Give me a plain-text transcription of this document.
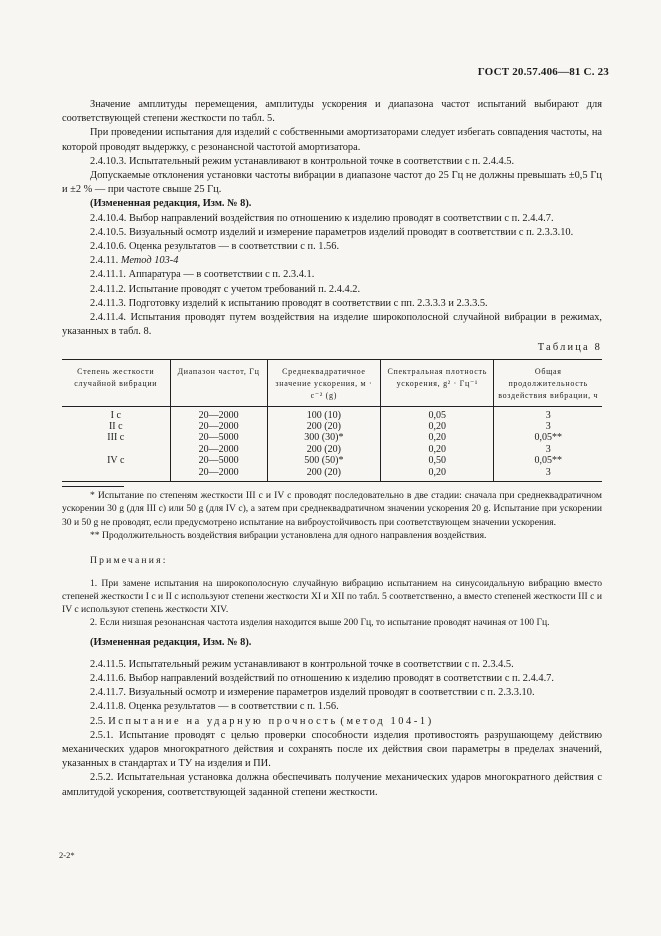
ГОСТ 20.57.406—81 С. 23

Значение амплитуды перемещения, амплитуды ускорения и диапазона частот испытаний выбирают для соответствующей степени жесткости по табл. 5.

При проведении испытания для изделий с собственными амортизаторами следует избегать совпадения частоты, на которой проводят выдержку, с резонансной частотой амортизатора.

2.4.10.3. Испытательный режим устанавливают в контрольной точке в соответствии с п. 2.4.4.5.

Допускаемые отклонения установки частоты вибрации в диапазоне частот до 25 Гц не должны превышать ±0,5 Гц и ±2 % — при частоте свыше 25 Гц.

(Измененная редакция, Изм. № 8).

2.4.10.4. Выбор направлений воздействия по отношению к изделию проводят в соответствии с п. 2.4.4.7.

2.4.10.5. Визуальный осмотр изделий и измерение параметров изделий проводят в соответствии с п. 2.3.3.10.

2.4.10.6. Оценка результатов — в соответствии с п. 1.56.

2.4.11. Метод 103-4

2.4.11.1. Аппаратура — в соответствии с п. 2.3.4.1.

2.4.11.2. Испытание проводят с учетом требований п. 2.4.4.2.

2.4.11.3. Подготовку изделий к испытанию проводят в соответствии с пп. 2.3.3.3 и 2.3.3.5.

2.4.11.4. Испытания проводят путем воздействия на изделие широкополосной случайной вибрации в режимах, указанных в табл. 8.

Таблица 8
Степень жесткости случайной вибрации	Диапазон частот, Гц	Среднеквадратичное значение ускорения, м · с⁻² (g)	Спектральная плотность ускорения, g² · Гц⁻¹	Общая продолжительность воздействия вибрации, ч
I с	20—2000	100 (10)	0,05	3
II с	20—2000	200 (20)	0,20	3
III с	20—5000	300 (30)*	0,20	0,05**
	20—2000	200 (20)	0,20	3
IV с	20—5000	500 (50)*	0,50	0,05**
	20—2000	200 (20)	0,20	3

* Испытание по степеням жесткости III с и IV с проводят последовательно в две стадии: сначала при среднеквадратичном ускорении 30 g (для III с) или 50 g (для IV с), а затем при среднеквадратичном значении ускорения 20 g. Испытание при ускорении 30 и 50 g не проводят, если предусмотрено испытание на виброустойчивость при соответствующем значении ускорения.

** Продолжительность воздействия вибрации установлена для одного направления воздействия.

Примечания:

1. При замене испытания на широкополосную случайную вибрацию испытанием на синусоидальную вибрацию вместо степеней жесткости I с и II с используют степени жесткости XI и XII по табл. 5 соответственно, а вместо степеней жесткости III с и IV с используют степень жесткости XIV.

2. Если низшая резонансная частота изделия находится выше 200 Гц, то испытание проводят начиная от 100 Гц.

(Измененная редакция, Изм. № 8).

2.4.11.5. Испытательный режим устанавливают в контрольной точке в соответствии с п. 2.3.4.5.

2.4.11.6. Выбор направлений воздействий по отношению к изделию проводят в соответствии с п. 2.4.4.7.

2.4.11.7. Визуальный осмотр и измерение параметров изделий проводят в соответствии с п. 2.3.3.10.

2.4.11.8. Оценка результатов — в соответствии с п. 1.56.

2.5. Испытание на ударную прочность (метод 104-1)

2.5.1. Испытание проводят с целью проверки способности изделия противостоять разрушающему действию механических ударов многократного действия и сохранять после их действия свои параметры в пределах значений, указанных в стандартах и ТУ на изделия и ПИ.

2.5.2. Испытательная установка должна обеспечивать получение механических ударов многократного действия с амплитудой ускорения, соответствующей заданной степени жесткости.

2-2*
